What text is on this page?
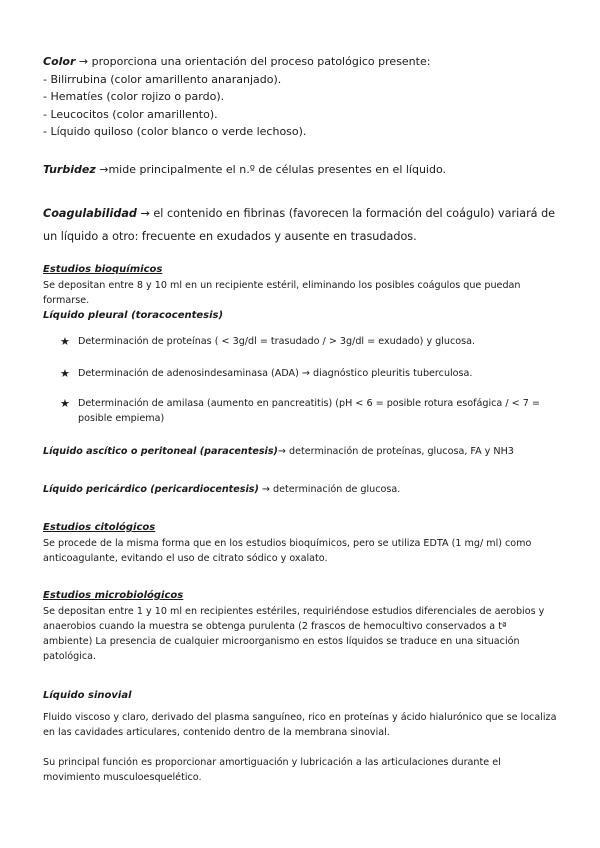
Color → proporciona una orientación del proceso patológico presente:

- Bilirrubina (color amarillento anaranjado).

- Hematíes (color rojizo o pardo).

- Leucocitos (color amarillento).

- Líquido quiloso (color blanco o verde lechoso).

Turbidez →mide principalmente el n.º de células presentes en el líquido.

Coagulabilidad → el contenido en fibrinas (favorecen la formación del coágulo) variará de un líquido a otro: frecuente en exudados y ausente en trasudados.

Estudios bioquímicos

Se depositan entre 8 y 10 ml en un recipiente estéril, eliminando los posibles coágulos que puedan formarse.

Líquido pleural (toracocentesis)

★ Determinación de proteínas ( < 3g/dl = trasudado / > 3g/dl = exudado) y glucosa.
★ Determinación de adenosindesaminasa (ADA) → diagnóstico pleuritis tuberculosa.
★ Determinación de amilasa (aumento en pancreatitis) (pH < 6 = posible rotura esofágica / < 7 = posible empiema)

Líquido ascítico o peritoneal (paracentesis)→ determinación de proteínas, glucosa, FA y NH3

Líquido pericárdico (pericardiocentesis) → determinación de glucosa.

Estudios citológicos

Se procede de la misma forma que en los estudios bioquímicos, pero se utiliza EDTA (1 mg/ ml) como anticoagulante, evitando el uso de citrato sódico y oxalato.

Estudios microbiológicos

Se depositan entre 1 y 10 ml en recipientes estériles, requiriéndose estudios diferenciales de aerobios y anaerobios cuando la muestra se obtenga purulenta (2 frascos de hemocultivo conservados a tª ambiente) La presencia de cualquier microorganismo en estos líquidos se traduce en una situación patológica.

Líquido sinovial

Fluido viscoso y claro, derivado del plasma sanguíneo, rico en proteínas y ácido hialurónico que se localiza en las cavidades articulares, contenido dentro de la membrana sinovial.

Su principal función es proporcionar amortiguación y lubricación a las articulaciones durante el movimiento musculoesquelético.
